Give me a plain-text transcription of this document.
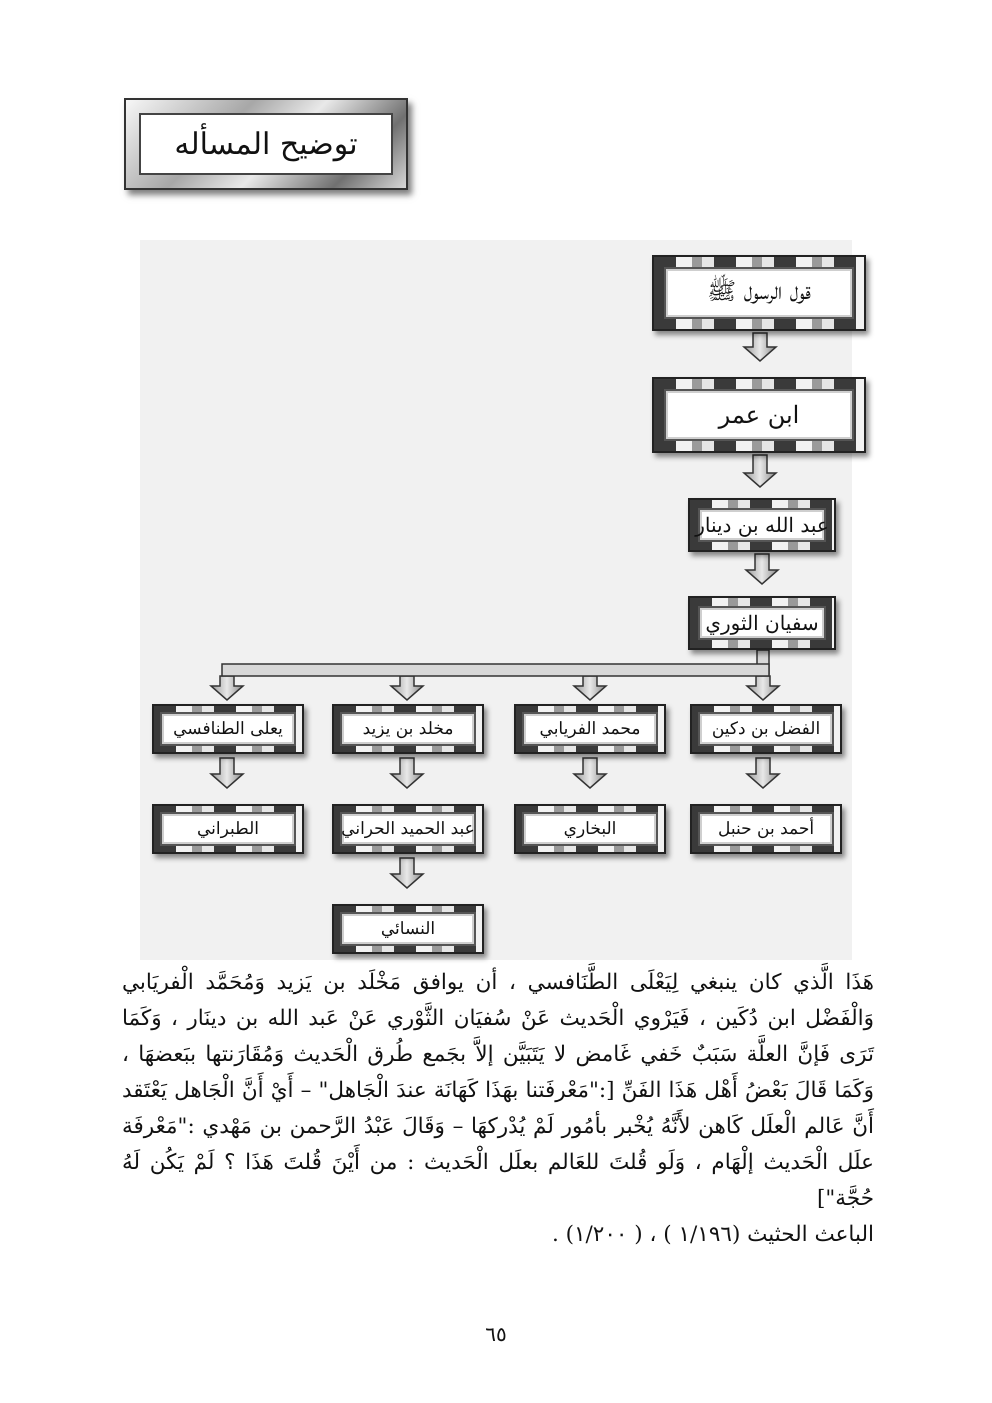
توضيح المسأله
قول الرسول ﷺ
ابن عمر
عبد الله بن دينار
سفيان الثوري
الفضل بن دكين
محمد الفريابي
مخلد بن يزيد
يعلى الطنافسي
أحمد بن حنبل
البخاري
عبد الحميد الحراني
الطبراني
النسائي
هَذَا الَّذي كان ينبغي لِيَعْلَى الطَّنَافسي ، أن يوافق مَخْلَد بن يَزيد وَمُحَمَّد الْفريَابي وَالْفَضْل ابن دُكَين ، فَيَرْوي الْحَديث عَنْ سُفيَان الثَّوْري عَنْ عَبد الله بن دينَار ، وَكَمَا تَرَى فَإنَّ العلَّة سَبَبٌ خَفي غَامض لا يَتَبَيَّن إلاَّ بجَمع طُرق الْحَديث وَمُقَارَنتها ببَعضهَا ، وَكَمَا قَالَ بَعْضُ أَهْل هَذَا الفَنِّ [:"مَعْرفَتنا بهَذَا كَهَانَة عندَ الْجَاهل" – أَيْ أَنَّ الْجَاهل يَعْتَقد أَنَّ عَالم الْعلَل كَاهن لأَنَّهُ يُخْبر بأمُور لَمْ يُدْركهَا – وَقَالَ عَبْدُ الرَّحمن بن مَهْدي :"مَعْرفَة علَل الْحَديث إلْهَام ، وَلَو قُلتَ للعَالم بعلَل الْحَديث : من أَيْنَ قُلتَ هَذَا ؟ لَمْ يَكُن لَهُ حُجَّة"]
الباعث الحثيث (١/١٩٦ ) ، ( ١/٢٠٠) .
٦٥
